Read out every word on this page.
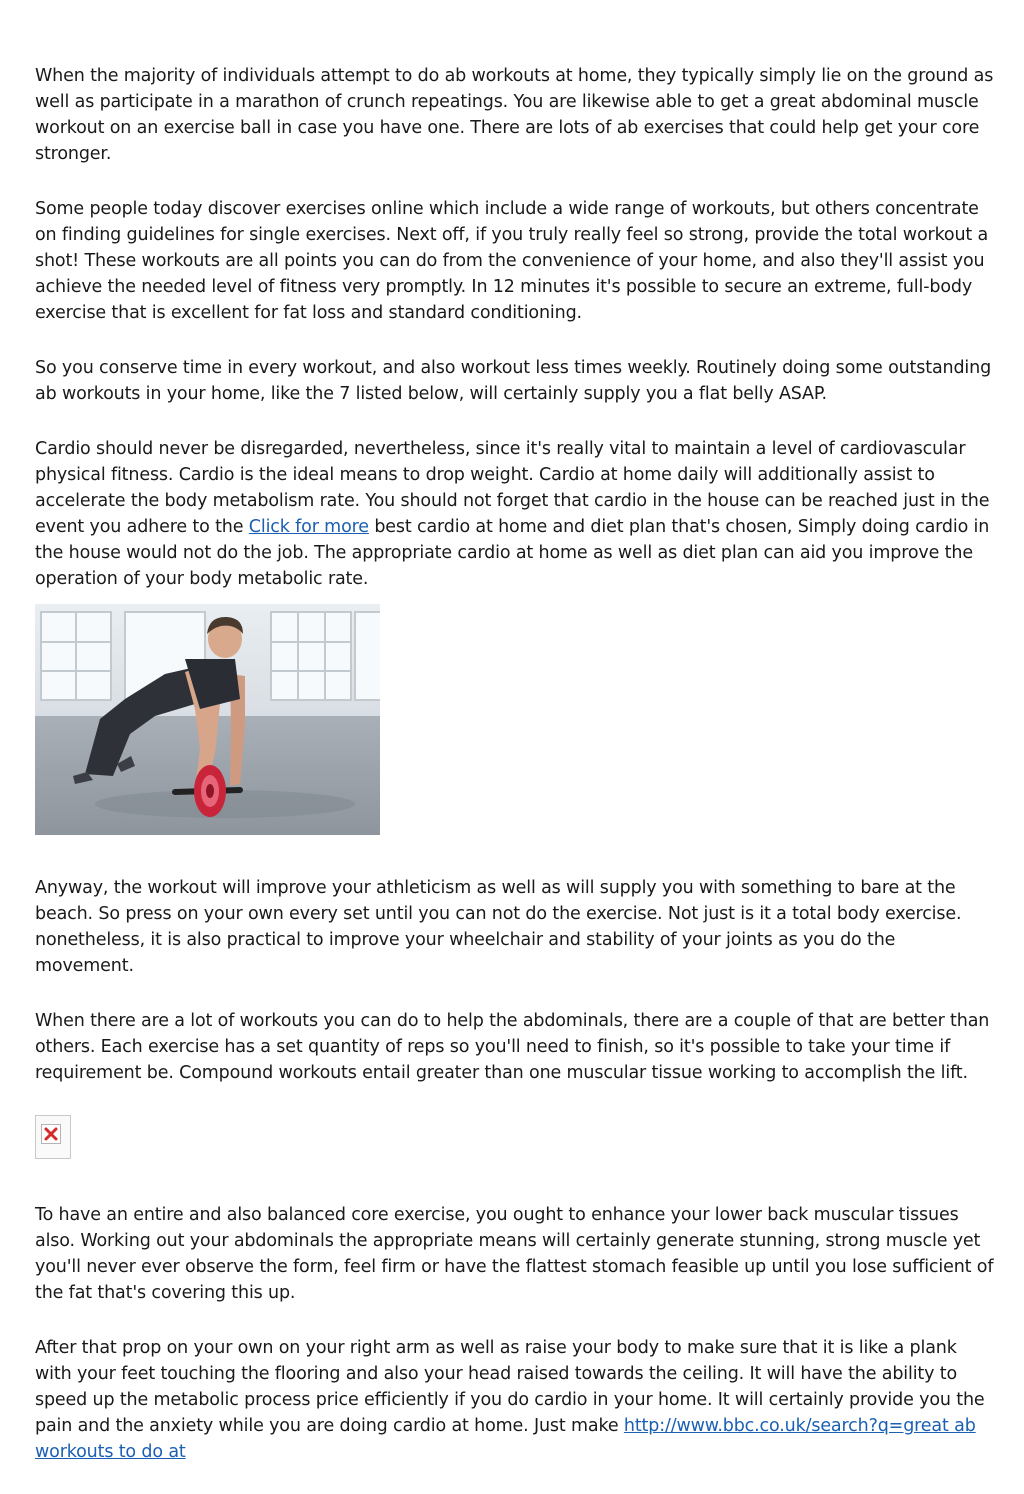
When the majority of individuals attempt to do ab workouts at home, they typically simply lie on the ground as well as participate in a marathon of crunch repeatings. You are likewise able to get a great abdominal muscle workout on an exercise ball in case you have one. There are lots of ab exercises that could help get your core stronger.

Some people today discover exercises online which include a wide range of workouts, but others concentrate on finding guidelines for single exercises. Next off, if you truly really feel so strong, provide the total workout a shot! These workouts are all points you can do from the convenience of your home, and also they'll assist you achieve the needed level of fitness very promptly. In 12 minutes it's possible to secure an extreme, full-body exercise that is excellent for fat loss and standard conditioning.

So you conserve time in every workout, and also workout less times weekly. Routinely doing some outstanding ab workouts in your home, like the 7 listed below, will certainly supply you a flat belly ASAP.

Cardio should never be disregarded, nevertheless, since it's really vital to maintain a level of cardiovascular physical fitness. Cardio is the ideal means to drop weight. Cardio at home daily will additionally assist to accelerate the body metabolism rate. You should not forget that cardio in the house can be reached just in the event you adhere to the Click for more best cardio at home and diet plan that's chosen, Simply doing cardio in the house would not do the job. The appropriate cardio at home as well as diet plan can aid you improve the operation of your body metabolic rate.

Anyway, the workout will improve your athleticism as well as will supply you with something to bare at the beach. So press on your own every set until you can not do the exercise. Not just is it a total body exercise. nonetheless, it is also practical to improve your wheelchair and stability of your joints as you do the movement.

When there are a lot of workouts you can do to help the abdominals, there are a couple of that are better than others. Each exercise has a set quantity of reps so you'll need to finish, so it's possible to take your time if requirement be. Compound workouts entail greater than one muscular tissue working to accomplish the lift.

To have an entire and also balanced core exercise, you ought to enhance your lower back muscular tissues also. Working out your abdominals the appropriate means will certainly generate stunning, strong muscle yet you'll never ever observe the form, feel firm or have the flattest stomach feasible up until you lose sufficient of the fat that's covering this up.

After that prop on your own on your right arm as well as raise your body to make sure that it is like a plank with your feet touching the flooring and also your head raised towards the ceiling. It will have the ability to speed up the metabolic process price efficiently if you do cardio in your home. It will certainly provide you the pain and the anxiety while you are doing cardio at home. Just make http://www.bbc.co.uk/search?q=great ab workouts to do at
